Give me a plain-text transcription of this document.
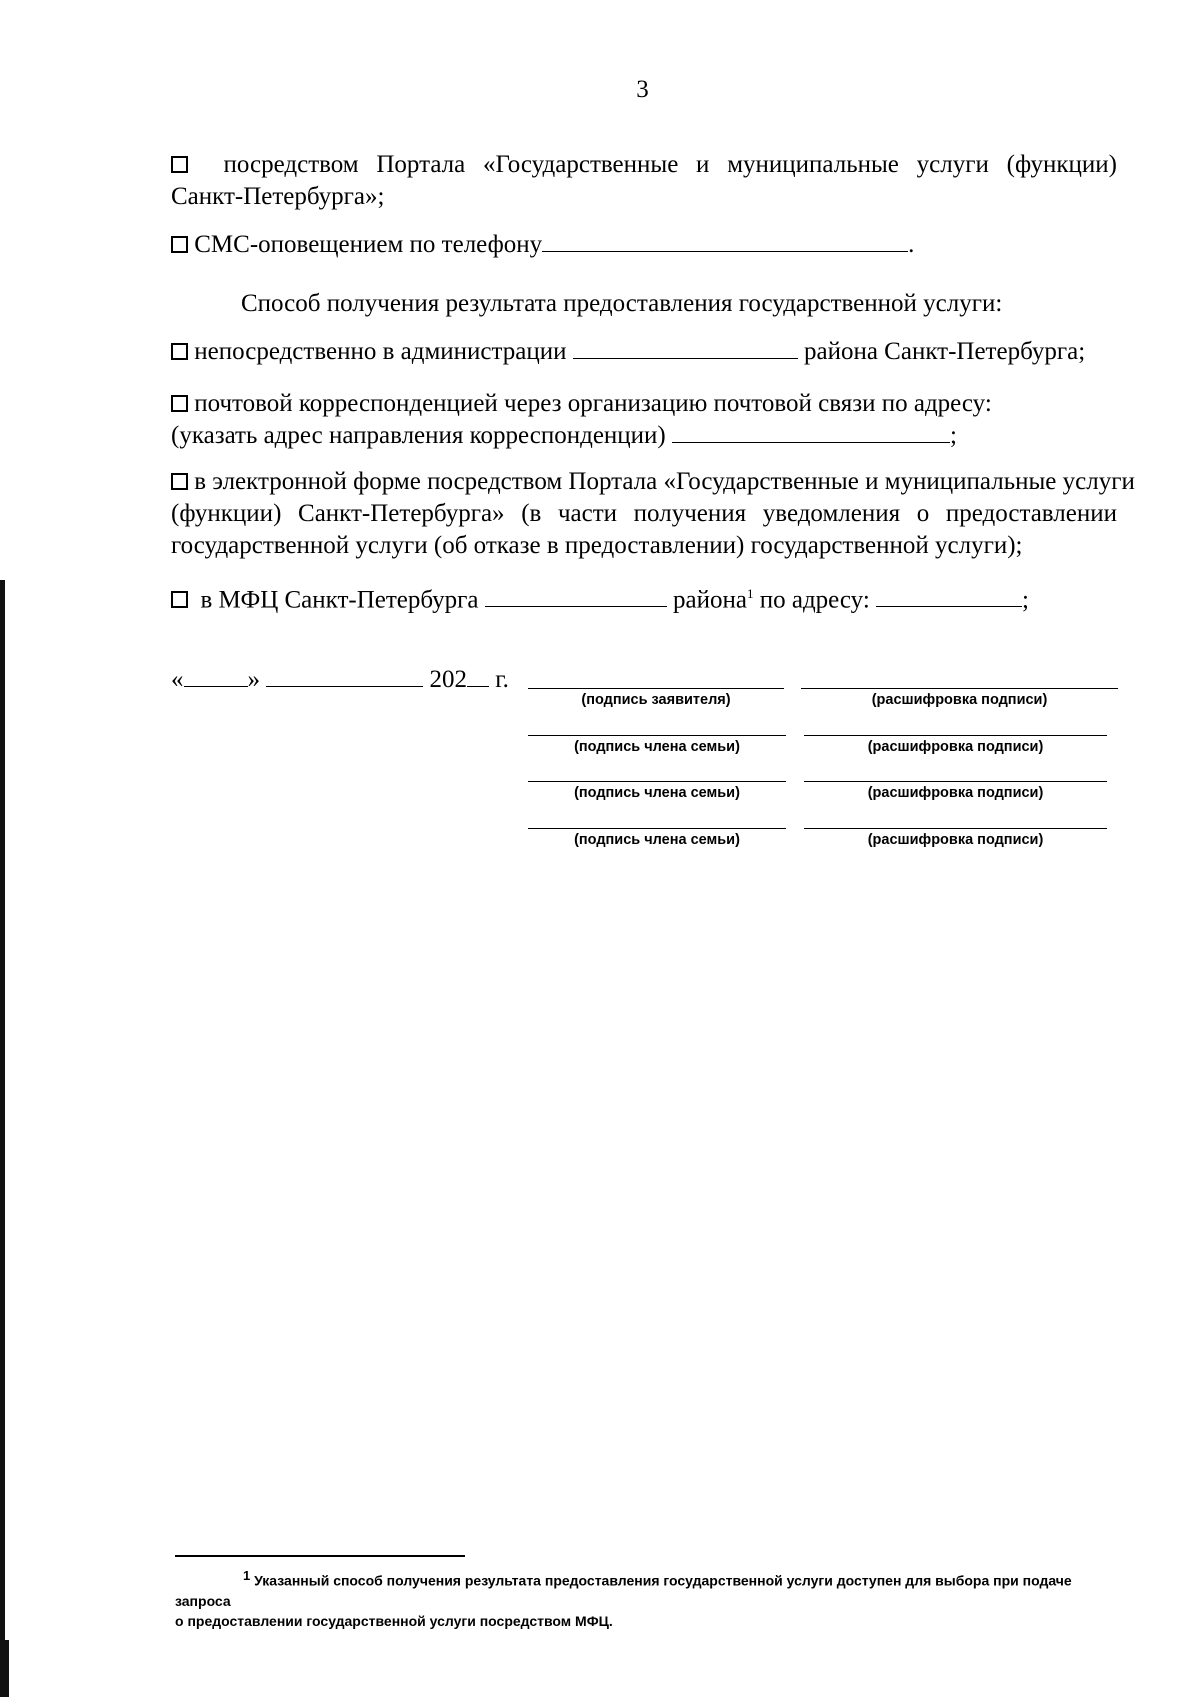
3
посредством Портала «Государственные и муниципальные услуги (функции)
Санкт-Петербурга»;
СМС-оповещением по телефону	.
Способ получения результата предоставления государственной услуги:
непосредственно в администрации	района Санкт-Петербурга;
почтовой корреспонденцией через организацию почтовой связи по адресу:
(указать адрес направления корреспонденции)	;
в электронной форме посредством Портала «Государственные и муниципальные услуги
(функции) Санкт-Петербурга» (в части получения уведомления о предоставлении
государственной услуги (об отказе в предоставлении) государственной услуги);
в МФЦ Санкт-Петербурга	района$^1$ по адресу:	;
«	»	202 г.
(подпись заявителя)	(расшифровка подписи)
(подпись члена семьи)	(расшифровка подписи)
(подпись члена семьи)	(расшифровка подписи)
(подпись члена семьи)	(расшифровка подписи)
$^1$ Указанный способ получения результата предоставления государственной услуги доступен для выбора при подаче запроса
о предоставлении государственной услуги посредством МФЦ.
